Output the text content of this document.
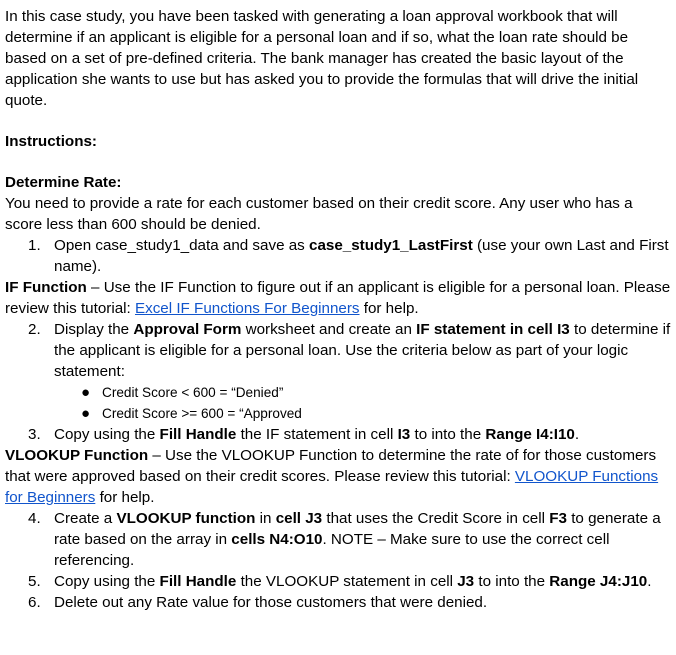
In this case study, you have been tasked with generating a loan approval workbook that will determine if an applicant is eligible for a personal loan and if so, what the loan rate should be based on a set of pre-defined criteria. The bank manager has created the basic layout of the application she wants to use but has asked you to provide the formulas that will drive the initial quote.

Instructions:

Determine Rate:

You need to provide a rate for each customer based on their credit score. Any user who has a score less than 600 should be denied.

1. Open case_study1_data and save as case_study1_LastFirst (use your own Last and First name).

IF Function – Use the IF Function to figure out if an applicant is eligible for a personal loan. Please review this tutorial: Excel IF Functions For Beginners for help.

2. Display the Approval Form worksheet and create an IF statement in cell I3 to determine if the applicant is eligible for a personal loan. Use the criteria below as part of your logic statement:
● Credit Score < 600 = “Denied”
● Credit Score >= 600 = “Approved
3. Copy using the Fill Handle the IF statement in cell I3 to into the Range I4:I10.

VLOOKUP Function – Use the VLOOKUP Function to determine the rate of for those customers that were approved based on their credit scores. Please review this tutorial: VLOOKUP Functions for Beginners for help.

4. Create a VLOOKUP function in cell J3 that uses the Credit Score in cell F3 to generate a rate based on the array in cells N4:O10. NOTE – Make sure to use the correct cell referencing.
5. Copy using the Fill Handle the VLOOKUP statement in cell J3 to into the Range J4:J10.
6. Delete out any Rate value for those customers that were denied.
